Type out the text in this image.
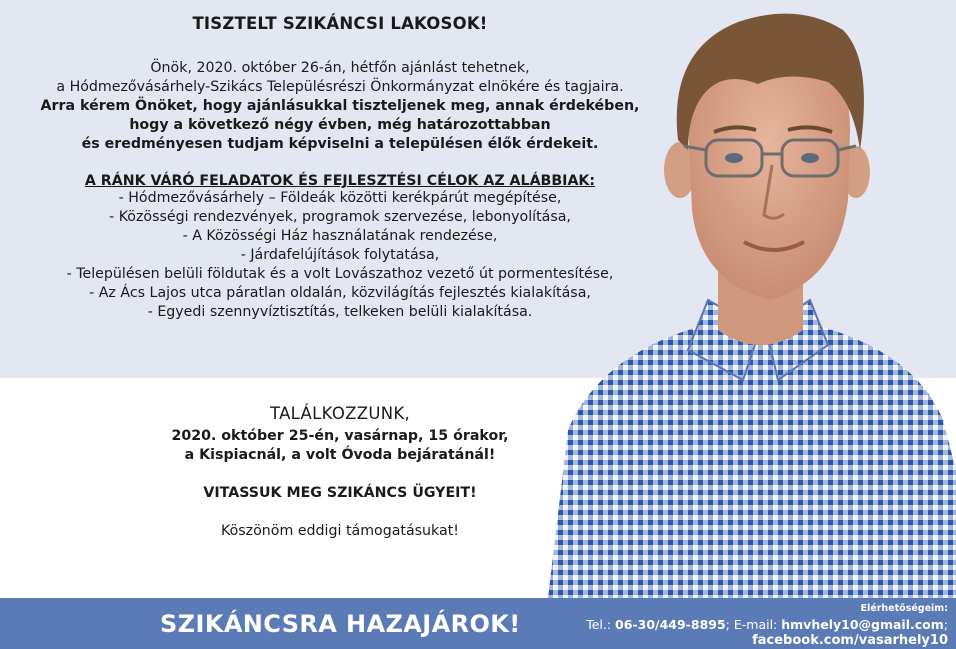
TISZTELT SZIKÁNCSI LAKOSOK!

Önök, 2020. október 26-án, hétfőn ajánlást tehetnek,

a Hódmezővásárhely-Szikács Településrészi Önkormányzat elnökére és tagjaira.

Arra kérem Önöket, hogy ajánlásukkal tiszteljenek meg, annak érdekében,

hogy a következő négy évben, még határozottabban

és eredményesen tudjam képviselni a településen élők érdekeit.

A RÁNK VÁRÓ FELADATOK ÉS FEJLESZTÉSI CÉLOK AZ ALÁBBIAK:

- Hódmezővásárhely – Földeák közötti kerékpárút megépítése,

- Közösségi rendezvények, programok szervezése, lebonyolítása,

- A Közösségi Ház használatának rendezése,

- Járdafelújítások folytatása,

- Településen belüli földutak és a volt Lovászathoz vezető út pormentesítése,

- Az Ács Lajos utca páratlan oldalán, közvilágítás fejlesztés kialakítása,

- Egyedi szennyvíztisztítás, telkeken belüli kialakítása.

TALÁLKOZZUNK,

2020. október 25-én, vasárnap, 15 órakor,

a Kispiacnál, a volt Óvoda bejáratánál!

VITASSUK MEG SZIKÁNCS ÜGYEIT!

Köszönöm eddigi támogatásukat!

SZIKÁNCSRA HAZAJÁROK!
Elérhetőségeim:
Tel.: 06-30/449-8895; E-mail: hmvhely10@gmail.com;
facebook.com/vasarhely10
